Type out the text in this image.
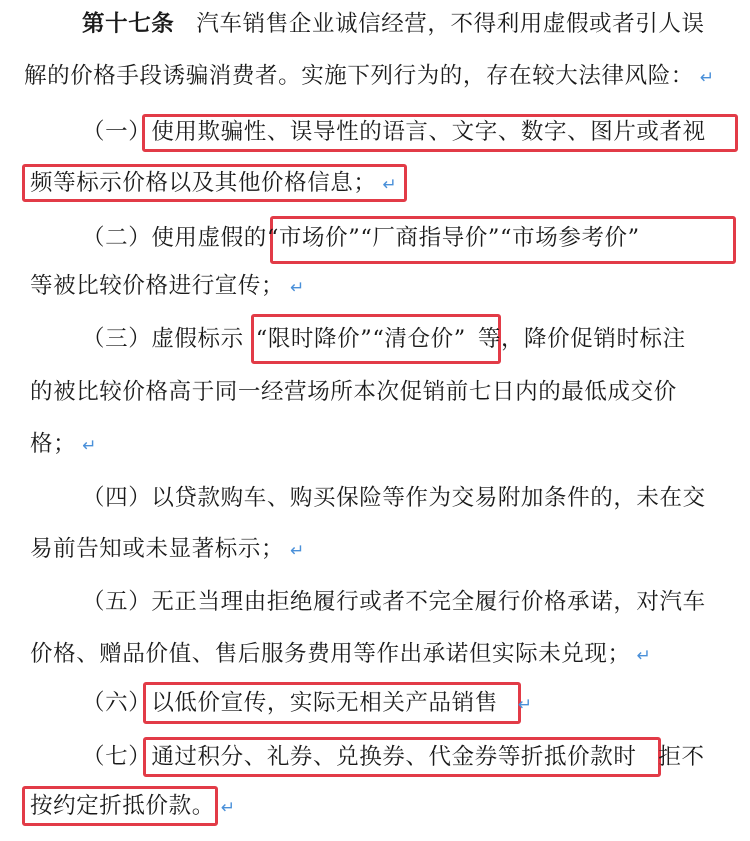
第十七条 汽车销售企业诚信经营，不得利用虚假或者引人误
解的价格手段诱骗消费者。实施下列行为的，存在较大法律风险： ↵
（一）使用欺骗性、误导性的语言、文字、数字、图片或者视
频等标示价格以及其他价格信息； ↵
（二）使用虚假的“市场价”“厂商指导价”“市场参考价”
等被比较价格进行宣传； ↵
（三）虚假标示 “限时降价”“清仓价” 等，降价促销时标注
的被比较价格高于同一经营场所本次促销前七日内的最低成交价
格； ↵
（四）以贷款购车、购买保险等作为交易附加条件的，未在交
易前告知或未显著标示； ↵
（五）无正当理由拒绝履行或者不完全履行价格承诺，对汽车
价格、赠品价值、售后服务费用等作出承诺但实际未兑现； ↵
（六）以低价宣传，实际无相关产品销售 ↵
（七）通过积分、礼券、兑换券、代金券等折抵价款时 拒不
按约定折抵价款。 ↵
